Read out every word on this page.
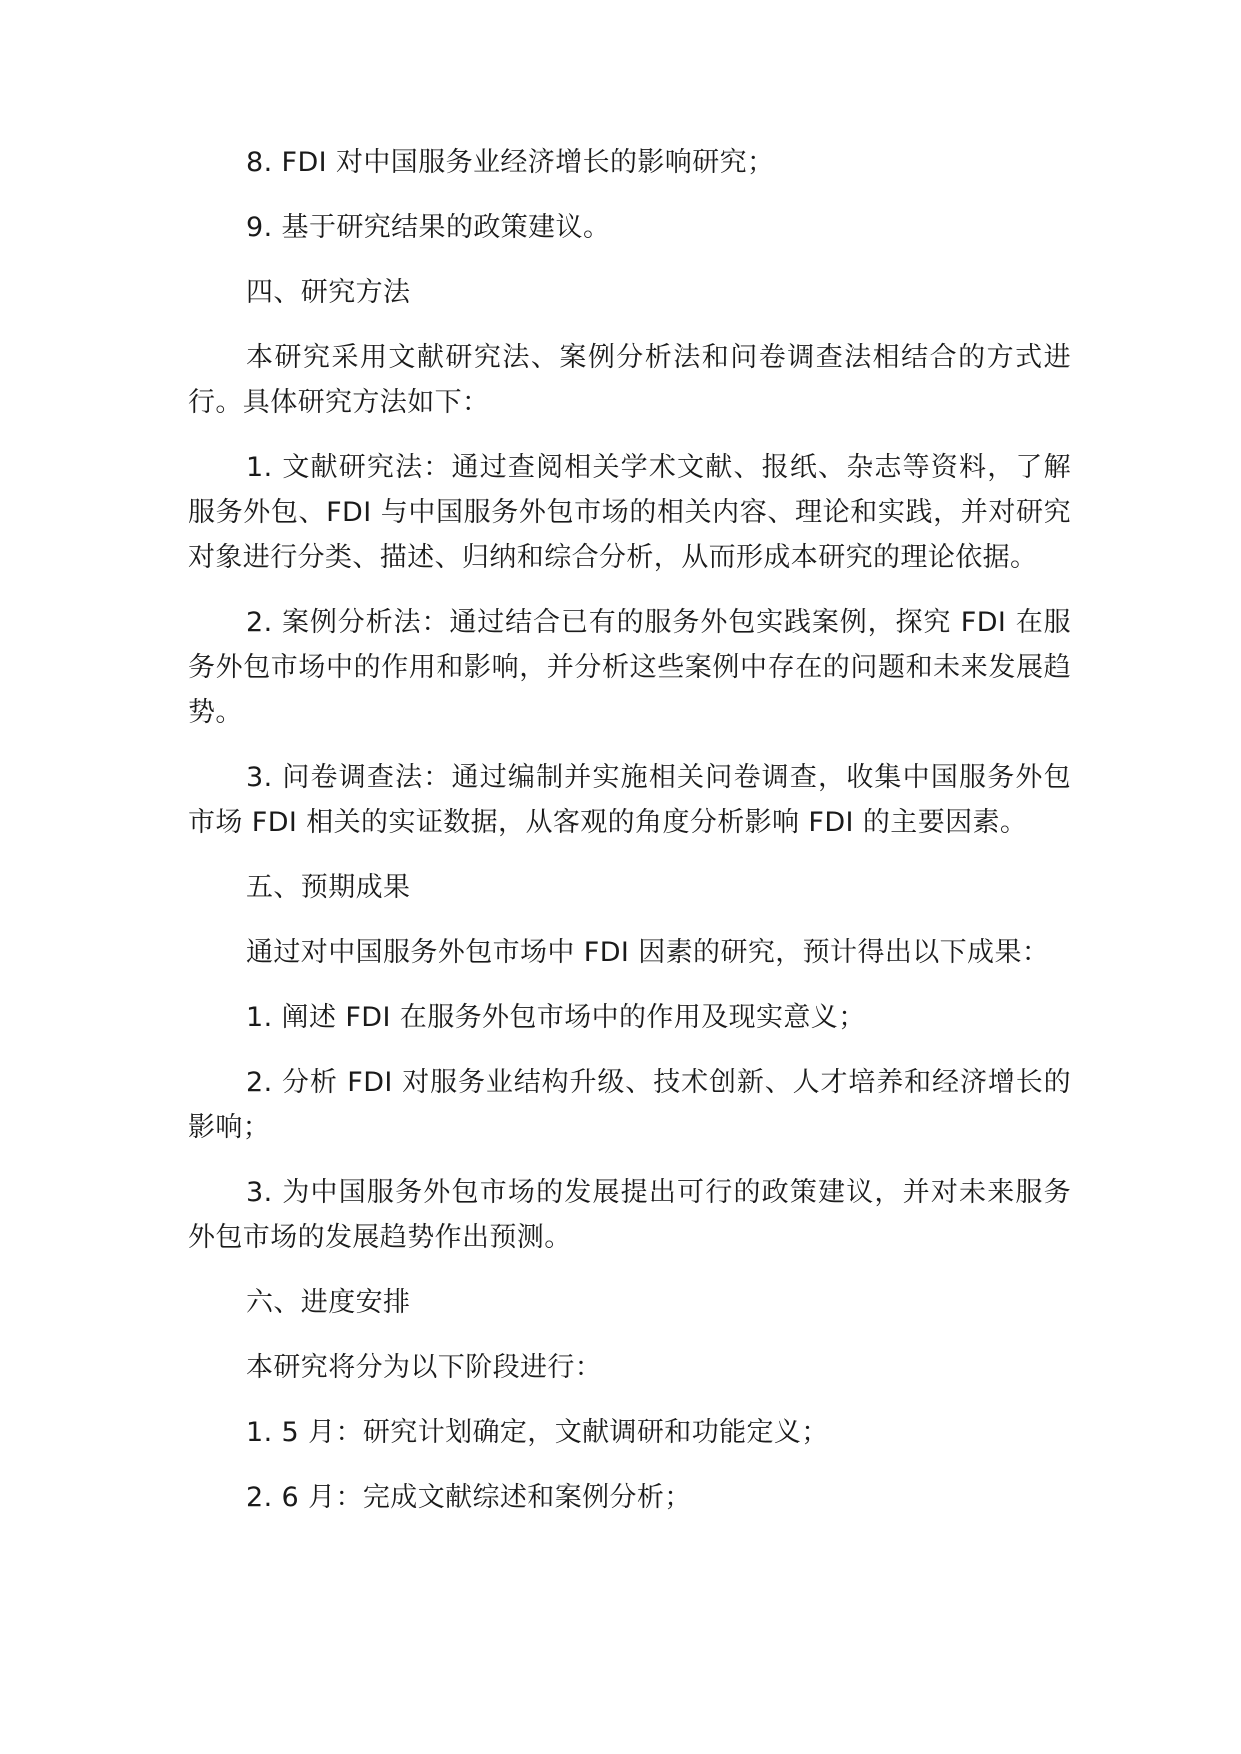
8. FDI 对中国服务业经济增长的影响研究；

9. 基于研究结果的政策建议。

四、研究方法

本研究采用文献研究法、案例分析法和问卷调查法相结合的方式进行。具体研究方法如下：

1. 文献研究法：通过查阅相关学术文献、报纸、杂志等资料，了解服务外包、FDI 与中国服务外包市场的相关内容、理论和实践，并对研究对象进行分类、描述、归纳和综合分析，从而形成本研究的理论依据。

2. 案例分析法：通过结合已有的服务外包实践案例，探究 FDI 在服务外包市场中的作用和影响，并分析这些案例中存在的问题和未来发展趋势。

3. 问卷调查法：通过编制并实施相关问卷调查，收集中国服务外包市场 FDI 相关的实证数据，从客观的角度分析影响 FDI 的主要因素。

五、预期成果

通过对中国服务外包市场中 FDI 因素的研究，预计得出以下成果：

1. 阐述 FDI 在服务外包市场中的作用及现实意义；

2. 分析 FDI 对服务业结构升级、技术创新、人才培养和经济增长的影响；

3. 为中国服务外包市场的发展提出可行的政策建议，并对未来服务外包市场的发展趋势作出预测。

六、进度安排

本研究将分为以下阶段进行：

1. 5 月：研究计划确定，文献调研和功能定义；

2. 6 月：完成文献综述和案例分析；
